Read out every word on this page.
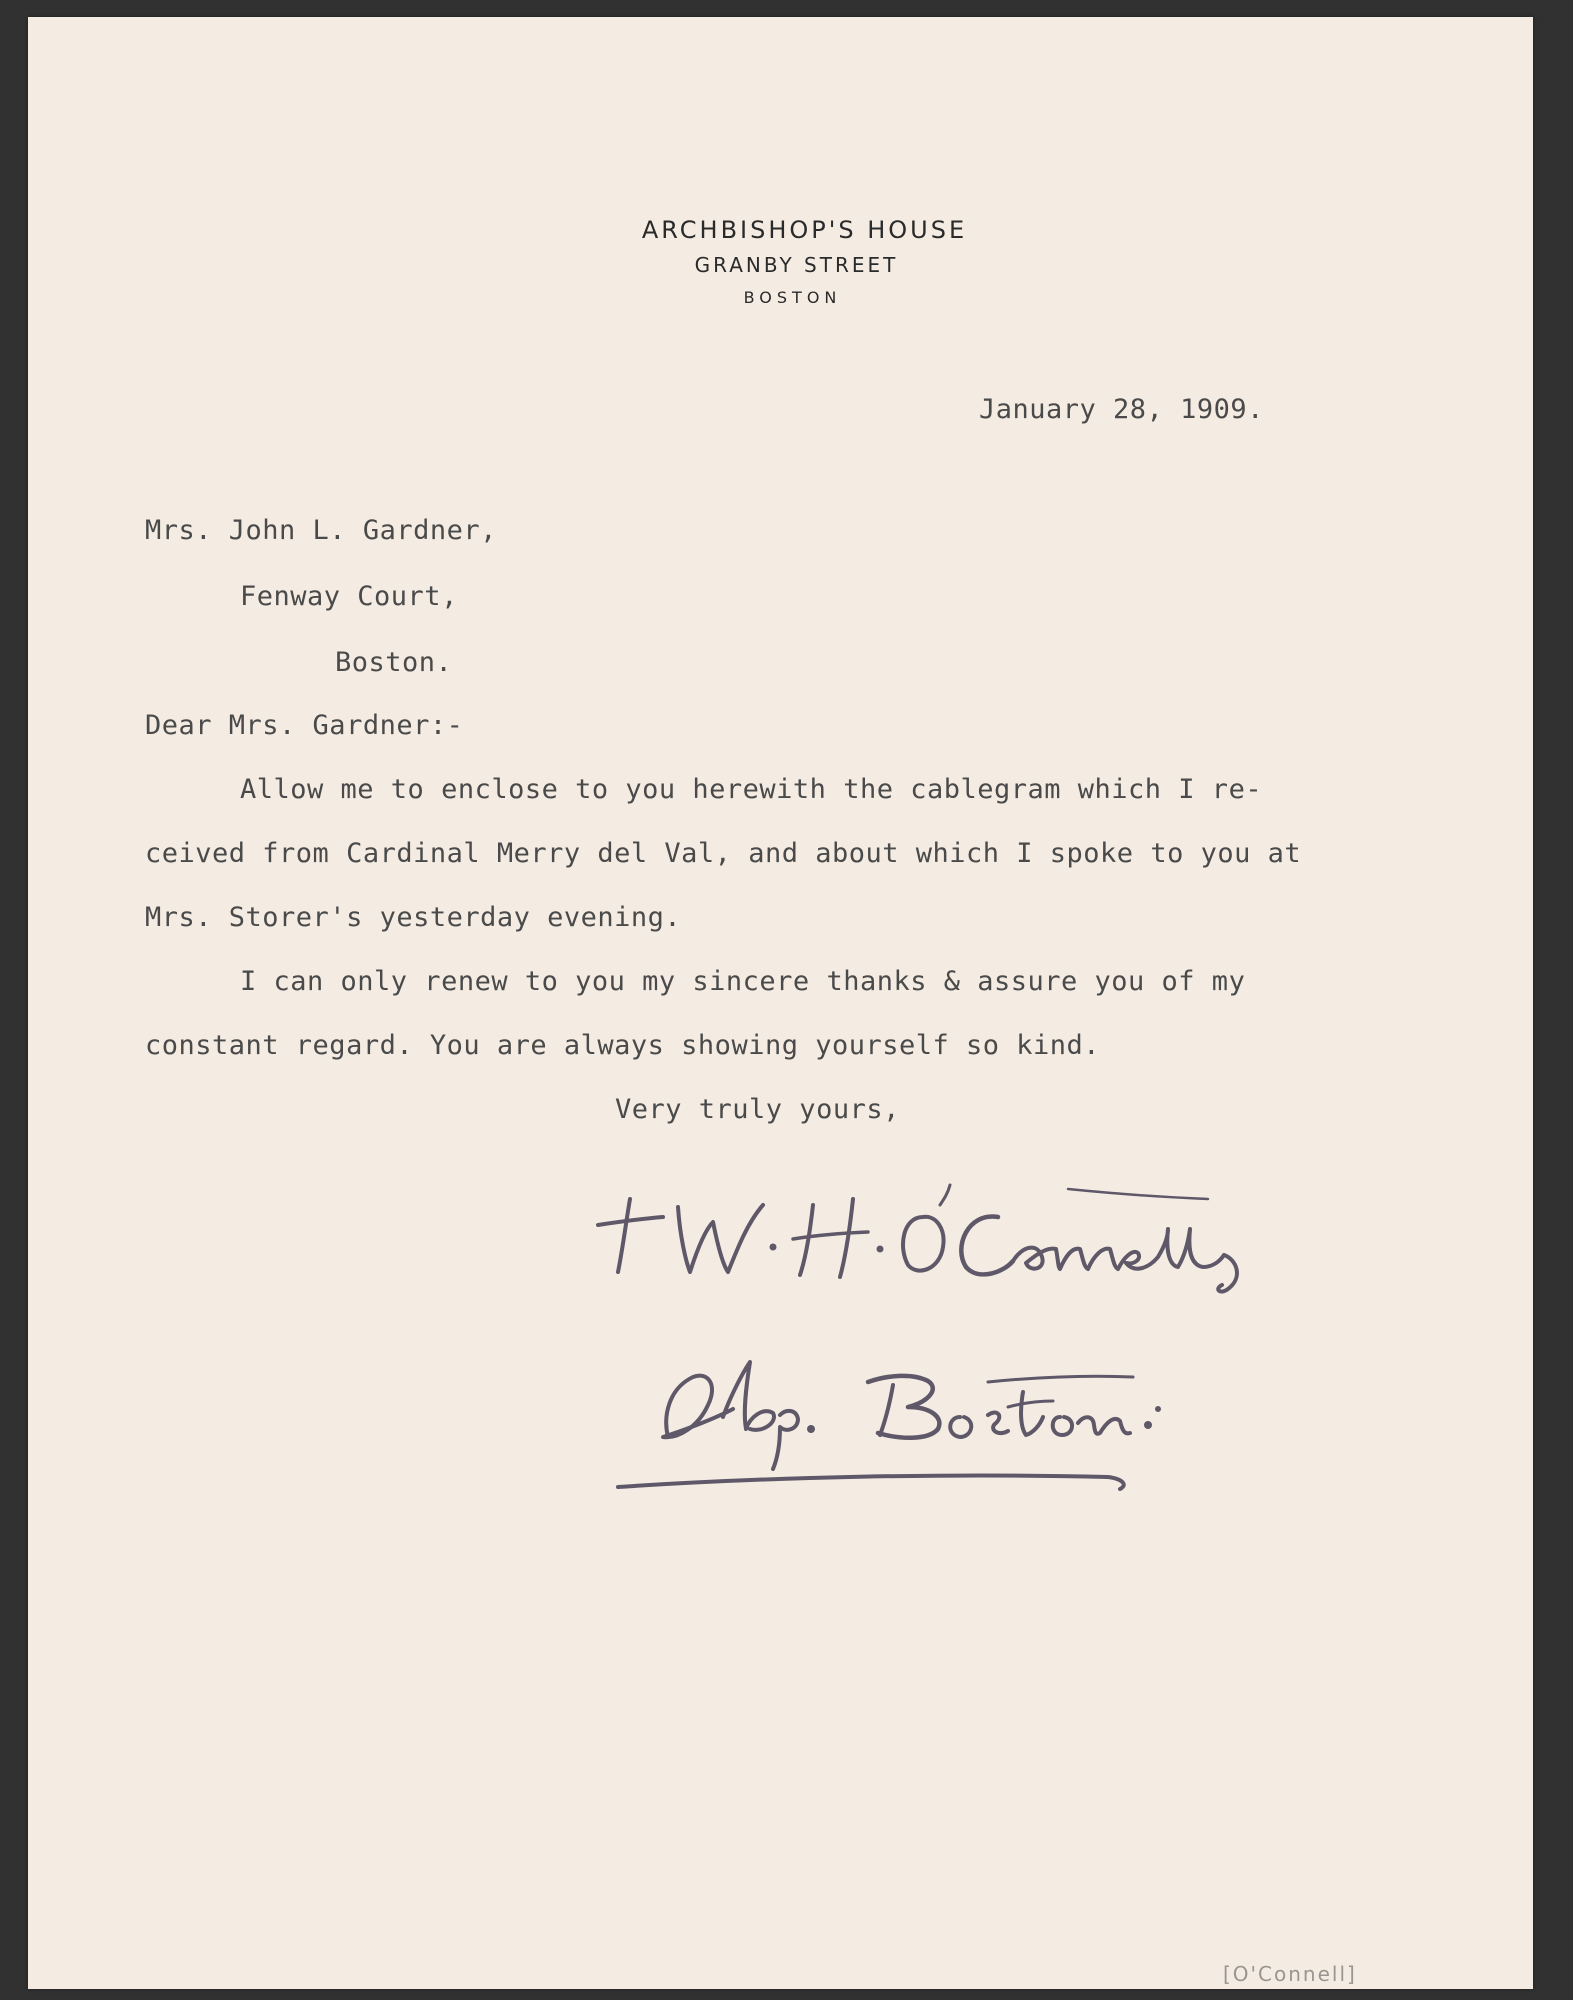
ARCHBISHOP'S HOUSE
GRANBY STREET
BOSTON
January 28, 1909.
Mrs. John L. Gardner,
Fenway Court,
Boston.
Dear Mrs. Gardner:-
Allow me to enclose to you herewith the cablegram which I re-
ceived from Cardinal Merry del Val, and about which I spoke to you at
Mrs. Storer's yesterday evening.
I can only renew to you my sincere thanks & assure you of my
constant regard. You are always showing yourself so kind.
Very truly yours,
[O'Connell]
